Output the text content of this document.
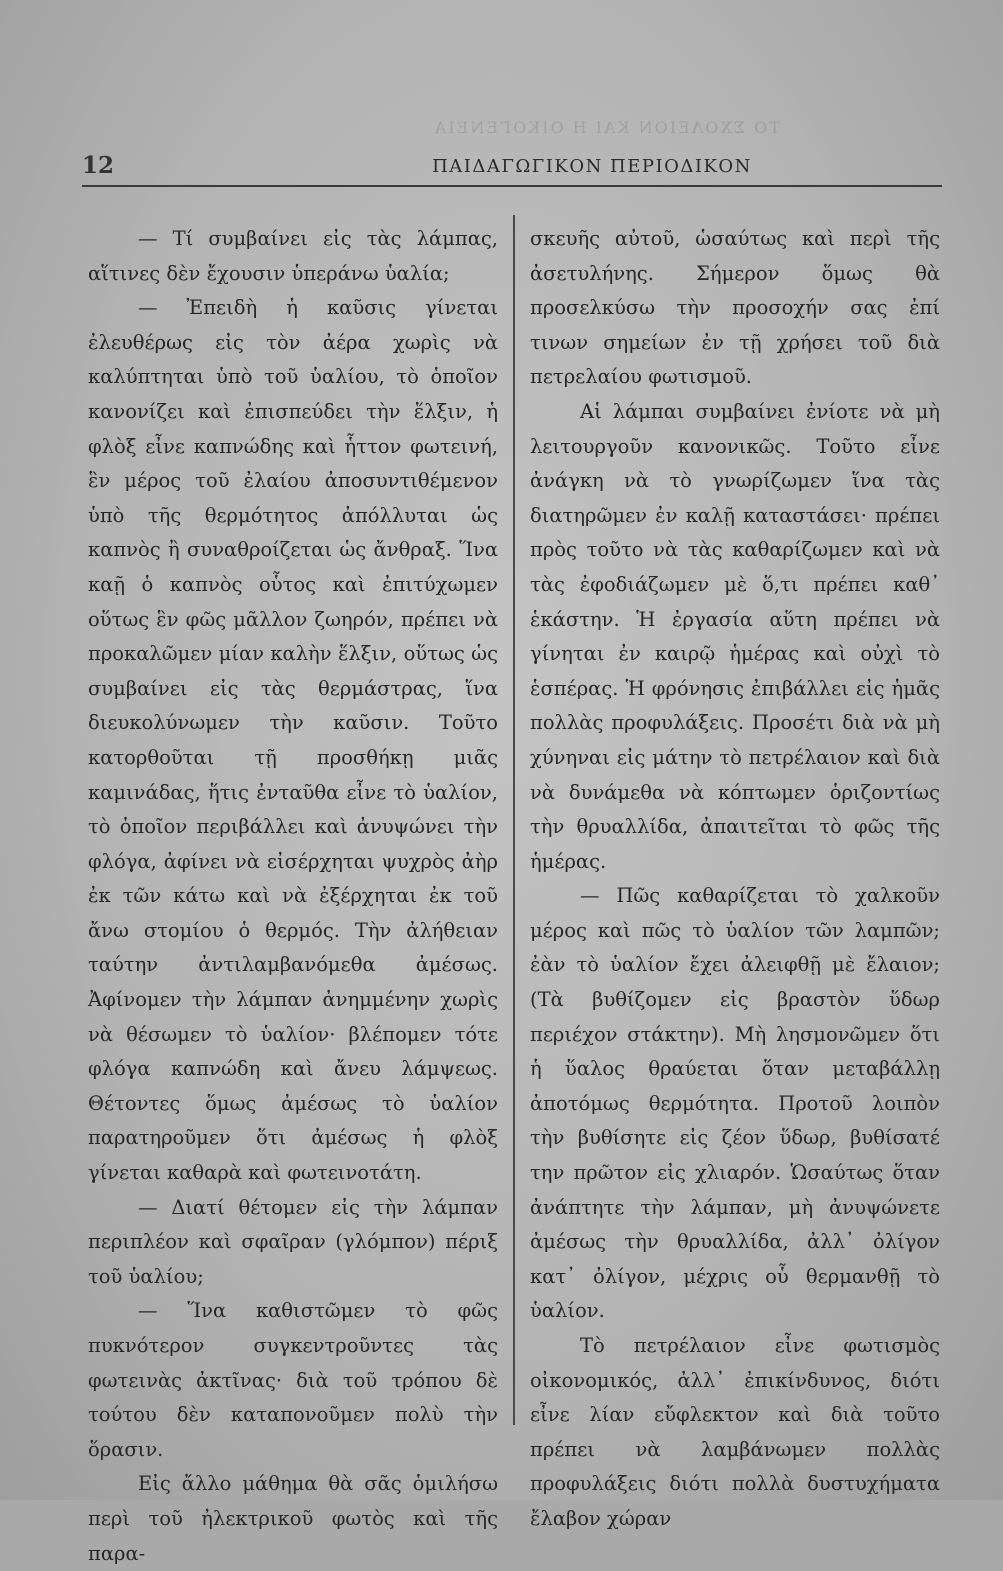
ΤΟ ΣΧΟΛΕΙΟΝ ΚΑΙ Η ΟΙΚΟΓΕΝΕΙΑ
12	ΠΑΙΔΑΓΩΓΙΚΟΝ ΠΕΡΙΟΔΙΚΟΝ

— Τί συμβαίνει εἰς τὰς λάμπας, αἵτινες δὲν ἔχουσιν ὑπεράνω ὑαλία;

— Ἐπειδὴ ἡ καῦσις γίνεται ἐλευθέρως εἰς τὸν ἀέρα χωρὶς νὰ καλύπτηται ὑπὸ τοῦ ὑαλίου, τὸ ὁποῖον κανονίζει καὶ ἐπισπεύδει τὴν ἕλξιν, ἡ φλὸξ εἶνε καπνώδης καὶ ἧττον φωτεινή, ἓν μέρος τοῦ ἐλαίου ἀποσυντιθέμενον ὑπὸ τῆς θερμότητος ἀπόλλυται ὡς καπνὸς ἢ συναθροίζεται ὡς ἄνθραξ. Ἵνα καῇ ὁ καπνὸς οὗτος καὶ ἐπιτύχωμεν οὕτως ἓν φῶς μᾶλλον ζωηρόν, πρέπει νὰ προκαλῶμεν μίαν καλὴν ἕλξιν, οὕτως ὡς συμβαίνει εἰς τὰς θερμάστρας, ἵνα διευκολύνωμεν τὴν καῦσιν. Τοῦτο κατορθοῦται τῇ προσθήκῃ μιᾶς καμινάδας, ἥτις ἐνταῦθα εἶνε τὸ ὑαλίον, τὸ ὁποῖον περιβάλλει καὶ ἀνυψώνει τὴν φλόγα, ἀφίνει νὰ εἰσέρχηται ψυχρὸς ἀὴρ ἐκ τῶν κάτω καὶ νὰ ἐξέρχηται ἐκ τοῦ ἄνω στομίου ὁ θερμός. Τὴν ἀλήθειαν ταύτην ἀντιλαμβανόμεθα ἀμέσως. Ἀφίνομεν τὴν λάμπαν ἀνημμένην χωρὶς νὰ θέσωμεν τὸ ὑαλίον· βλέπομεν τότε φλόγα καπνώδη καὶ ἄνευ λάμψεως. Θέτοντες ὅμως ἀμέσως τὸ ὑαλίον παρατηροῦμεν ὅτι ἀμέσως ἡ φλὸξ γίνεται καθαρὰ καὶ φωτεινοτάτη.

— Διατί θέτομεν εἰς τὴν λάμπαν περιπλέον καὶ σφαῖραν (γλόμπον) πέριξ τοῦ ὑαλίου;

— Ἵνα καθιστῶμεν τὸ φῶς πυκνότερον συγκεντροῦντες τὰς φωτεινὰς ἀκτῖνας· διὰ τοῦ τρόπου δὲ τούτου δὲν καταπονοῦμεν πολὺ τὴν ὅρασιν.

Εἰς ἄλλο μάθημα θὰ σᾶς ὁμιλήσω περὶ τοῦ ἠλεκτρικοῦ φωτὸς καὶ τῆς παρα-

σκευῆς αὐτοῦ, ὡσαύτως καὶ περὶ τῆς ἀσετυλήνης. Σήμερον ὅμως θὰ προσελκύσω τὴν προσοχήν σας ἐπί τινων σημείων ἐν τῇ χρήσει τοῦ διὰ πετρελαίου φωτισμοῦ.

Αἱ λάμπαι συμβαίνει ἐνίοτε νὰ μὴ λειτουργοῦν κανονικῶς. Τοῦτο εἶνε ἀνάγκη νὰ τὸ γνωρίζωμεν ἵνα τὰς διατηρῶμεν ἐν καλῇ καταστάσει· πρέπει πρὸς τοῦτο νὰ τὰς καθαρίζωμεν καὶ νὰ τὰς ἐφοδιάζωμεν μὲ ὅ,τι πρέπει καθ᾽ ἑκάστην. Ἡ ἐργασία αὕτη πρέπει νὰ γίνηται ἐν καιρῷ ἡμέρας καὶ οὐχὶ τὸ ἑσπέρας. Ἡ φρόνησις ἐπιβάλλει εἰς ἡμᾶς πολλὰς προφυλάξεις. Προσέτι διὰ νὰ μὴ χύνηναι εἰς μάτην τὸ πετρέλαιον καὶ διὰ νὰ δυνάμεθα νὰ κόπτωμεν ὁριζοντίως τὴν θρυαλλίδα, ἀπαιτεῖται τὸ φῶς τῆς ἡμέρας.

— Πῶς καθαρίζεται τὸ χαλκοῦν μέρος καὶ πῶς τὸ ὑαλίον τῶν λαμπῶν; ἐὰν τὸ ὑαλίον ἔχει ἀλειφθῇ μὲ ἔλαιον; (Τὰ βυθίζομεν εἰς βραστὸν ὕδωρ περιέχον στάκτην). Μὴ λησμονῶμεν ὅτι ἡ ὕαλος θραύεται ὅταν μεταβάλλῃ ἀποτόμως θερμότητα. Προτοῦ λοιπὸν τὴν βυθίσητε εἰς ζέον ὕδωρ, βυθίσατέ την πρῶτον εἰς χλιαρόν. Ὡσαύτως ὅταν ἀνάπτητε τὴν λάμπαν, μὴ ἀνυψώνετε ἀμέσως τὴν θρυαλλίδα, ἀλλ᾽ ὀλίγον κατ᾽ ὀλίγον, μέχρις οὗ θερμανθῇ τὸ ὑαλίον.

Τὸ πετρέλαιον εἶνε φωτισμὸς οἰκονομικός, ἀλλ᾽ ἐπικίνδυνος, διότι εἶνε λίαν εὔφλεκτον καὶ διὰ τοῦτο πρέπει νὰ λαμβάνωμεν πολλὰς προφυλάξεις διότι πολλὰ δυστυχήματα ἔλαβον χώραν
